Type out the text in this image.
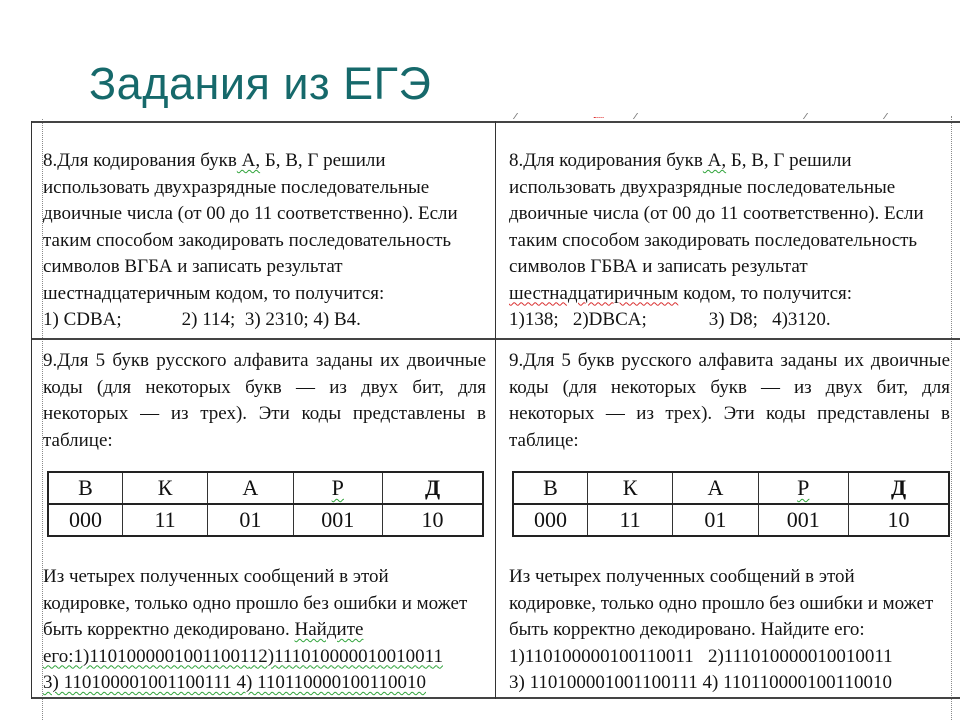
Задания из ЕГЭ

8.Для кодирования букв А, Б, В, Г решили

использовать двухразрядные последовательные

двоичные числа (от 00 до 11 соответственно). Если

таким способом закодировать последовательность

символов ВГБА и записать результат

шестнадцатеричным кодом, то получится:

1) CDBA;	2) 114; 3) 2310; 4) B4.

8.Для кодирования букв А, Б, В, Г решили

использовать двухразрядные последовательные

двоичные числа (от 00 до 11 соответственно). Если

таким способом закодировать последовательность

символов ГБВА и записать результат

шестнадцатиричным кодом, то получится:

1)138; 2)DBCA;	3) D8; 4)3120.

9.Для 5 букв русского алфавита заданы их двоичные

коды (для некоторых букв — из двух бит, для

некоторых — из трех). Эти коды представлены в

таблице:

В	К	А	Р	Д
000	11	01	001	10

Из четырех полученных сообщений в этой

кодировке, только одно прошло без ошибки и может

быть корректно декодировано. Найдите

его:1)1101000001001100112)111010000010010011

3) 110100001001100111 4) 110110000100110010

9.Для 5 букв русского алфавита заданы их двоичные

коды (для некоторых букв — из двух бит, для

некоторых — из трех). Эти коды представлены в

таблице:

В	К	А	Р	Д
000	11	01	001	10

Из четырех полученных сообщений в этой

кодировке, только одно прошло без ошибки и может

быть корректно декодировано. Найдите его:

1)110100000100110011   2)111010000010010011

3) 110100001001100111 4) 110110000100110010
